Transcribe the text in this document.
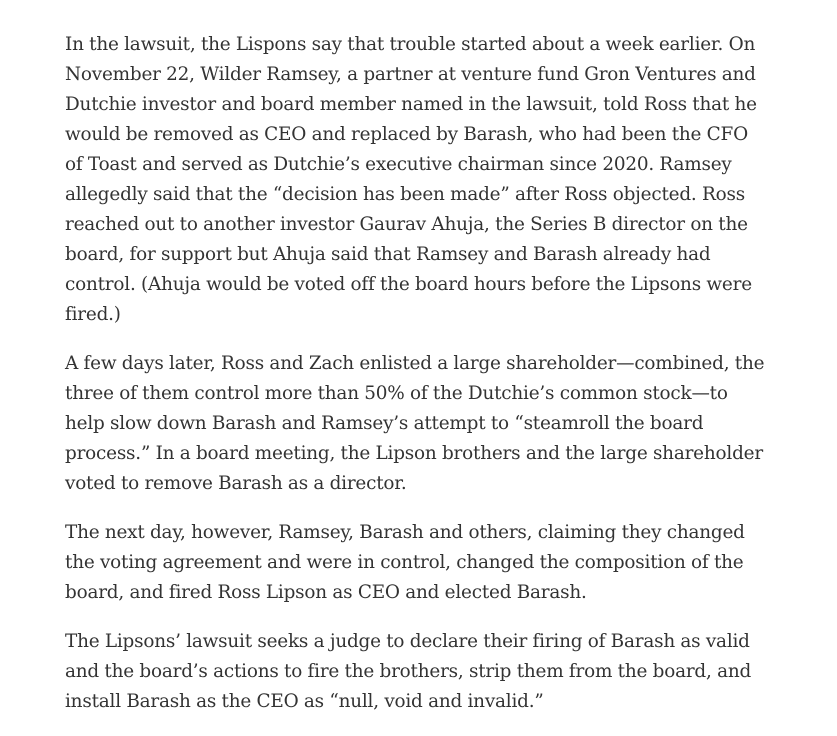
In the lawsuit, the Lispons say that trouble started about a week earlier. On November 22, Wilder Ramsey, a partner at venture fund Gron Ventures and Dutchie investor and board member named in the lawsuit, told Ross that he would be removed as CEO and replaced by Barash, who had been the CFO of Toast and served as Dutchie’s executive chairman since 2020. Ramsey allegedly said that the “decision has been made” after Ross objected. Ross reached out to another investor Gaurav Ahuja, the Series B director on the board, for support but Ahuja said that Ramsey and Barash already had control. (Ahuja would be voted off the board hours before the Lipsons were fired.)

A few days later, Ross and Zach enlisted a large shareholder—combined, the three of them control more than 50% of the Dutchie’s common stock—to help slow down Barash and Ramsey’s attempt to “steamroll the board process.” In a board meeting, the Lipson brothers and the large shareholder voted to remove Barash as a director.

The next day, however, Ramsey, Barash and others, claiming they changed the voting agreement and were in control, changed the composition of the board, and fired Ross Lipson as CEO and elected Barash.

The Lipsons’ lawsuit seeks a judge to declare their firing of Barash as valid and the board’s actions to fire the brothers, strip them from the board, and install Barash as the CEO as “null, void and invalid.”
